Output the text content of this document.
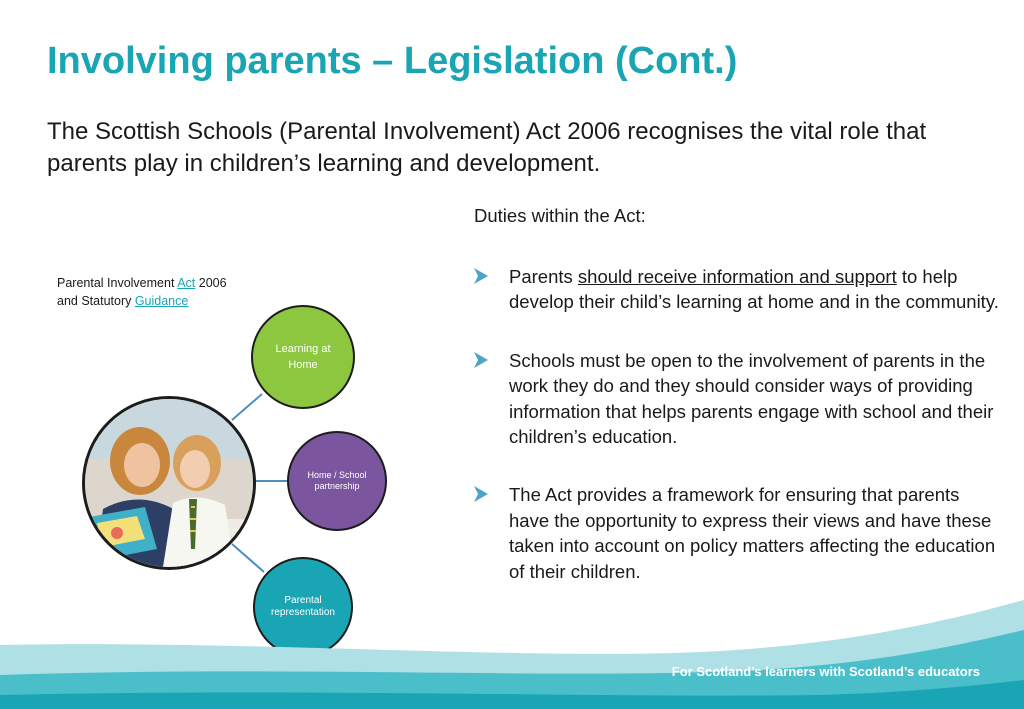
Involving parents – Legislation (Cont.)

The Scottish Schools (Parental Involvement) Act 2006 recognises the vital role that parents play in children’s learning and development.

Parental Involvement Act 2006
and Statutory Guidance

Learning at Home
Home / School partnership
Parental representation

Duties within the Act:

Parents should receive information and support to help develop their child’s learning at home and in the community.
Schools must be open to the involvement of parents in the work they do and they should consider ways of providing information that helps parents engage with school and their children’s education.
The Act provides a framework for ensuring that parents have the opportunity to express their views and have these taken into account on policy matters affecting the education of their children.

For Scotland’s learners with Scotland’s educators
